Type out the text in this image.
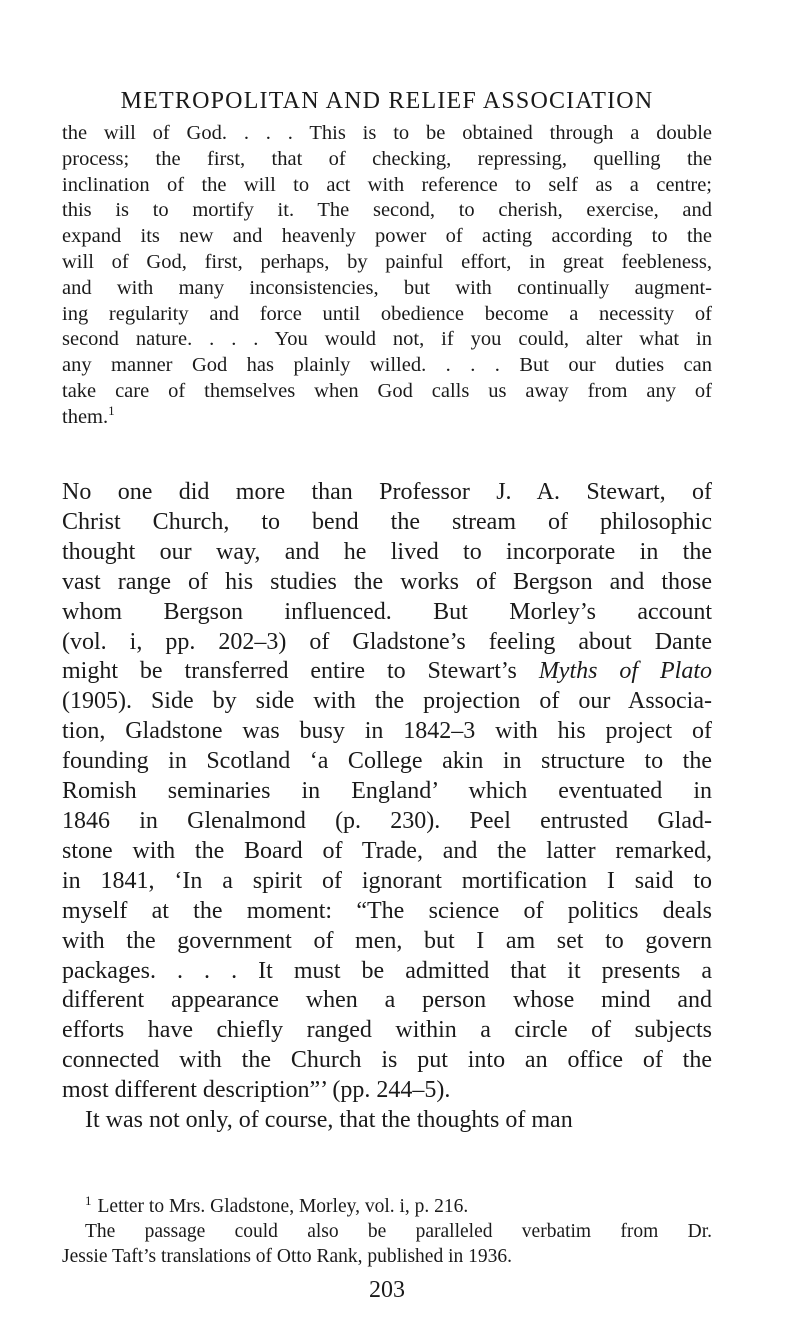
METROPOLITAN AND RELIEF ASSOCIATION
the will of God. . . . This is to be obtained through a double
process; the first, that of checking, repressing, quelling the
inclination of the will to act with reference to self as a centre;
this is to mortify it. The second, to cherish, exercise, and
expand its new and heavenly power of acting according to the
will of God, first, perhaps, by painful effort, in great feebleness,
and with many inconsistencies, but with continually augment-
ing regularity and force until obedience become a necessity of
second nature. . . . You would not, if you could, alter what in
any manner God has plainly willed. . . . But our duties can
take care of themselves when God calls us away from any of
them.$^1$
No one did more than Professor J. A. Stewart, of
Christ Church, to bend the stream of philosophic
thought our way, and he lived to incorporate in the
vast range of his studies the works of Bergson and those
whom Bergson influenced. But Morley’s account
(vol. i, pp. 202–3) of Gladstone’s feeling about Dante
might be transferred entire to Stewart’s Myths of Plato
(1905). Side by side with the projection of our Associa-
tion, Gladstone was busy in 1842–3 with his project of
founding in Scotland ‘a College akin in structure to the
Romish seminaries in England’ which eventuated in
1846 in Glenalmond (p. 230). Peel entrusted Glad-
stone with the Board of Trade, and the latter remarked,
in 1841, ‘In a spirit of ignorant mortification I said to
myself at the moment: “The science of politics deals
with the government of men, but I am set to govern
packages. . . . It must be admitted that it presents a
different appearance when a person whose mind and
efforts have chiefly ranged within a circle of subjects
connected with the Church is put into an office of the
most different description”’ (pp. 244–5).
It was not only, of course, that the thoughts of man
$^1$ Letter to Mrs. Gladstone, Morley, vol. i, p. 216.
The passage could also be paralleled verbatim from Dr.
Jessie Taft’s translations of Otto Rank, published in 1936.
203
